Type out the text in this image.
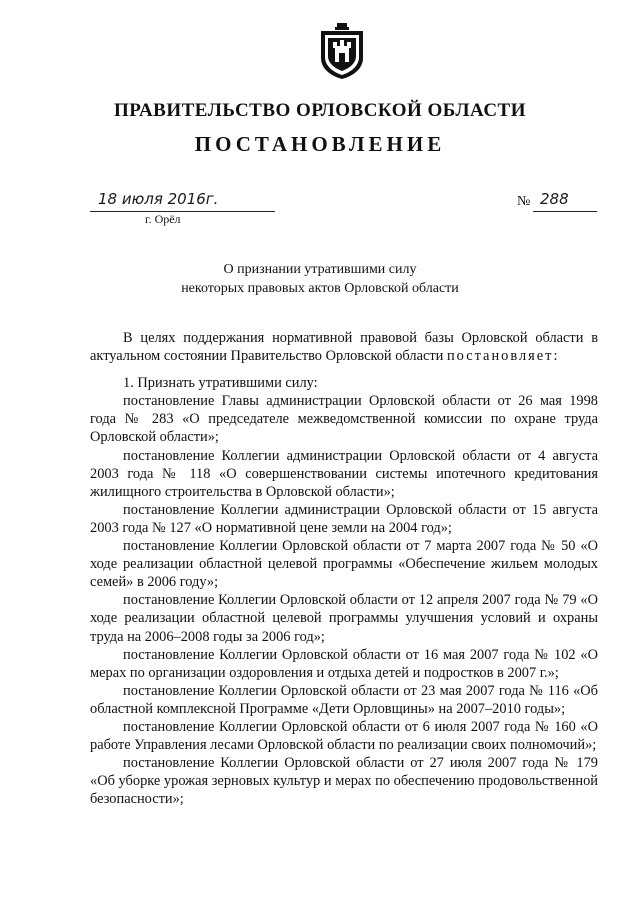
ПРАВИТЕЛЬСТВО ОРЛОВСКОЙ ОБЛАСТИ
ПОСТАНОВЛЕНИЕ
18 июля 2016г.
г. Орёл
№ 288
О признании утратившими силу
некоторых правовых актов Орловской области

В целях поддержания нормативной правовой базы Орловской области в актуальном состоянии Правительство Орловской области постановляет:

1. Признать утратившими силу:

постановление Главы администрации Орловской области от 26 мая 1998 года № 283 «О председателе межведомственной комиссии по охране труда Орловской области»;

постановление Коллегии администрации Орловской области от 4 августа 2003 года № 118 «О совершенствовании системы ипотечного кредитования жилищного строительства в Орловской области»;

постановление Коллегии администрации Орловской области от 15 августа 2003 года № 127 «О нормативной цене земли на 2004 год»;

постановление Коллегии Орловской области от 7 марта 2007 года № 50 «О ходе реализации областной целевой программы «Обеспечение жильем молодых семей» в 2006 году»;

постановление Коллегии Орловской области от 12 апреля 2007 года № 79 «О ходе реализации областной целевой программы улучшения условий и охраны труда на 2006–2008 годы за 2006 год»;

постановление Коллегии Орловской области от 16 мая 2007 года № 102 «О мерах по организации оздоровления и отдыха детей и подростков в 2007 г.»;

постановление Коллегии Орловской области от 23 мая 2007 года № 116 «Об областной комплексной Программе «Дети Орловщины» на 2007–2010 годы»;

постановление Коллегии Орловской области от 6 июля 2007 года № 160 «О работе Управления лесами Орловской области по реализации своих полномочий»;

постановление Коллегии Орловской области от 27 июля 2007 года № 179 «Об уборке урожая зерновых культур и мерах по обеспечению продовольственной безопасности»;
